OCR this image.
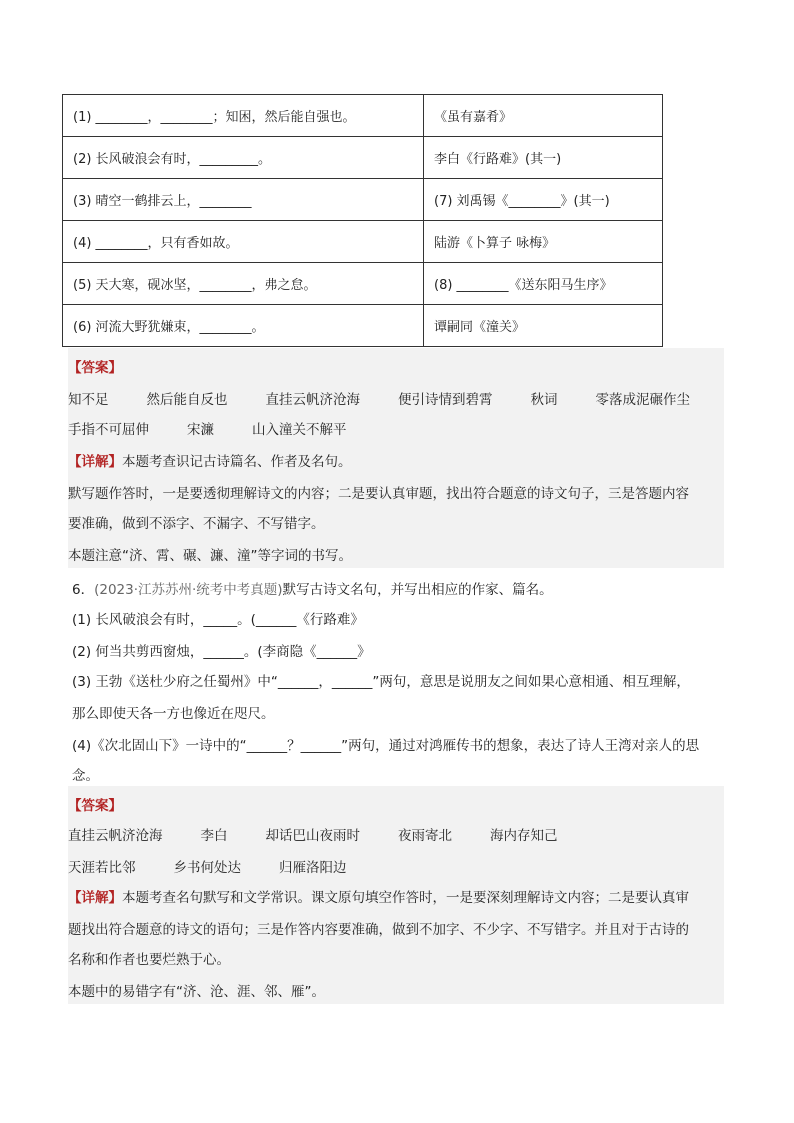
(1) ________，________；知困，然后能自强也。	《虽有嘉肴》
(2) 长风破浪会有时，_________。	李白《行路难》(其一)
(3) 晴空一鹤排云上，________	(7) 刘禹锡《________》(其一)
(4) ________，只有香如故。	陆游《卜算子 咏梅》
(5) 天大寒，砚冰坚，________，弗之怠。	(8) ________《送东阳马生序》
(6) 河流大野犹嫌束，________。	谭嗣同《潼关》
【答案】
知不足	然后能自反也	直挂云帆济沧海	便引诗情到碧霄	秋词	零落成泥碾作尘
手指不可屈伸	宋濂	山入潼关不解平
【详解】本题考查识记古诗篇名、作者及名句。
默写题作答时，一是要透彻理解诗文的内容；二是要认真审题，找出符合题意的诗文句子，三是答题内容
要准确，做到不添字、不漏字、不写错字。
本题注意“济、霄、碾、濂、潼”等字词的书写。
6．(2023·江苏苏州·统考中考真题)默写古诗文名句，并写出相应的作家、篇名。
(1) 长风破浪会有时，_____。(______《行路难》
(2) 何当共剪西窗烛，______。(李商隐《______》
(3) 王勃《送杜少府之任蜀州》中“______，______”两句，意思是说朋友之间如果心意相通、相互理解，
那么即使天各一方也像近在咫尺。
(4)《次北固山下》一诗中的“______？______”两句，通过对鸿雁传书的想象，表达了诗人王湾对亲人的思
念。
【答案】
直挂云帆济沧海	李白	却话巴山夜雨时	夜雨寄北	海内存知己
天涯若比邻	乡书何处达	归雁洛阳边
【详解】本题考查名句默写和文学常识。课文原句填空作答时，一是要深刻理解诗文内容；二是要认真审
题找出符合题意的诗文的语句；三是作答内容要准确，做到不加字、不少字、不写错字。并且对于古诗的
名称和作者也要烂熟于心。
本题中的易错字有“济、沧、涯、邻、雁”。
